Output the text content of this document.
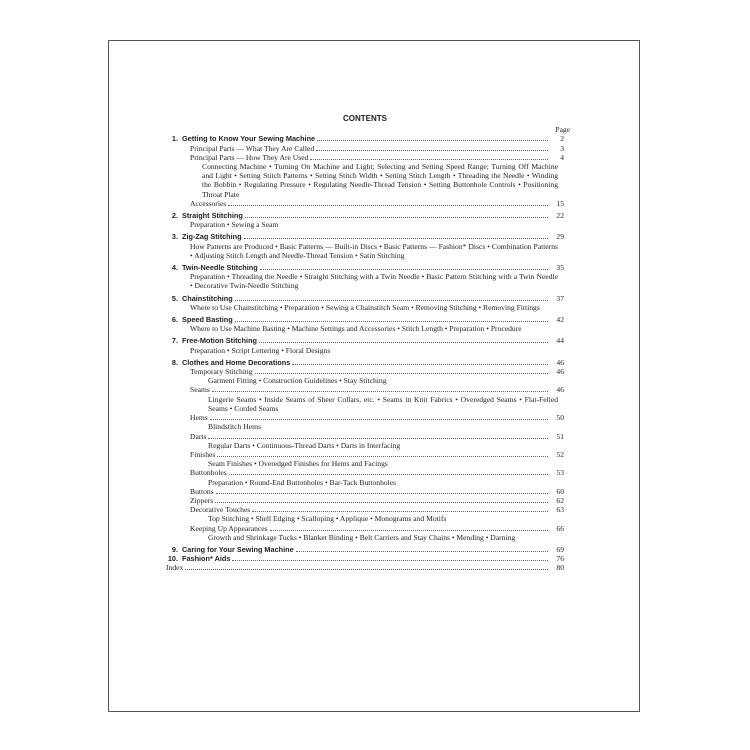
CONTENTS
Page
1. Getting to Know Your Sewing Machine	2
Principal Parts — What They Are Called	3
Principal Parts — How They Are Used	4
Connecting Machine • Turning On Machine and Light; Selecting and Setting Speed Range; Turning Off Machine and Light • Setting Stitch Patterns • Setting Stitch Width • Setting Stitch Length • Threading the Needle • Winding the Bobbin • Regulating Pressure • Regulating Needle-Thread Tension • Setting Buttonhole Controls • Positioning Throat Plate
Accessories	15
2. Straight Stitching	22
Preparation • Sewing a Seam
3. Zig-Zag Stitching	29
How Patterns are Produced • Basic Patterns — Built-in Discs • Basic Patterns — Fashion* Discs • Combination Patterns • Adjusting Stitch Length and Needle-Thread Tension • Satin Stitching
4. Twin-Needle Stitching	35
Preparation • Threading the Needle • Straight Stitching with a Twin Needle • Basic Pattern Stitching with a Twin Needle • Decorative Twin-Needle Stitching
5. Chainstitching	37
Where to Use Chainstitching • Preparation • Sewing a Chainstitch Seam • Removing Stitching • Removing Fittings
6. Speed Basting	42
Where to Use Machine Basting • Machine Settings and Accessories • Stitch Length • Preparation • Procedure
7. Free-Motion Stitching	44
Preparation • Script Lettering • Floral Designs
8. Clothes and Home Decorations	46
Temporary Stitching	46
Garment Fitting • Construction Guidelines • Stay Stitching
Seams	46
Lingerie Seams • Inside Seams of Sheer Collars, etc. • Seams in Knit Fabrics • Overedged Seams • Flat-Felled Seams • Corded Seams
Hems	50
Blindstitch Hems
Darts	51
Regular Darts • Continuous-Thread Darts • Darts in Interfacing
Finishes	52
Seam Finishes • Overedged Finishes for Hems and Facings
Buttonholes	53
Preparation • Round-End Buttonholes • Bar-Tack Buttonholes
Buttons	60
Zippers	62
Decorative Touches	63
Top Stitching • Shell Edging • Scalloping • Applique • Monograms and Motifs
Keeping Up Appearances	66
Growth and Shrinkage Tucks • Blanket Binding • Belt Carriers and Stay Chains • Mending • Darning
9. Caring for Your Sewing Machine	69
10. Fashion* Aids	76
Index	80
